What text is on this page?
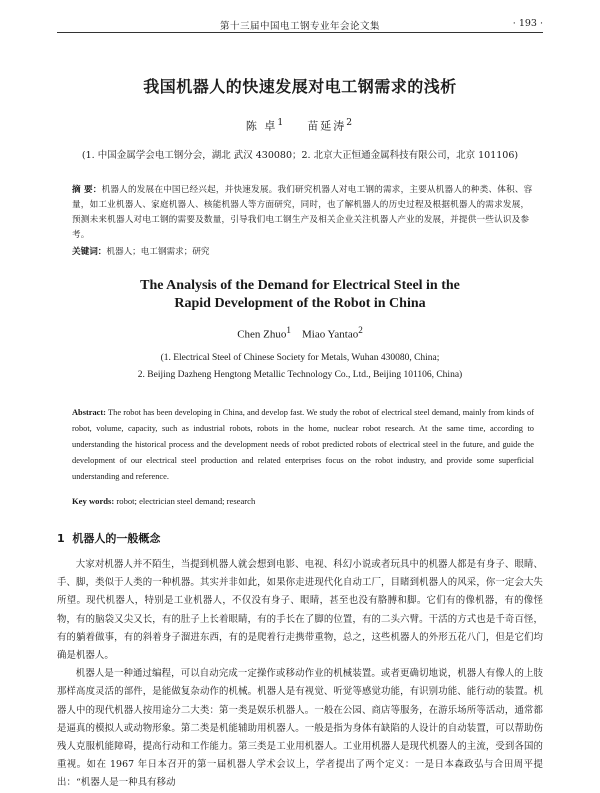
第十三届中国电工钢专业年会论文集	· 193 ·
我国机器人的快速发展对电工钢需求的浅析
陈 卓$^1$ 苗延涛$^2$
(1. 中国金属学会电工钢分会，湖北 武汉 430080；2. 北京大正恒通金属科技有限公司，北京 101106)
摘 要：机器人的发展在中国已经兴起，并快速发展。我们研究机器人对电工钢的需求，主要从机器人的种类、体积、容量，如工业机器人、家庭机器人、核能机器人等方面研究，同时，也了解机器人的历史过程及根据机器人的需求发展，预测未来机器人对电工钢的需要及数量，引导我们电工钢生产及相关企业关注机器人产业的发展，并提供一些认识及参考。
关键词：机器人；电工钢需求；研究
The Analysis of the Demand for Electrical Steel in the
Rapid Development of the Robot in China
Chen Zhuo$^1$ Miao Yantao$^2$
(1. Electrical Steel of Chinese Society for Metals, Wuhan 430080, China;
2. Beijing Dazheng Hengtong Metallic Technology Co., Ltd., Beijing 101106, China)
Abstract: The robot has been developing in China, and develop fast. We study the robot of electrical steel demand, mainly from kinds of robot, volume, capacity, such as industrial robots, robots in the home, nuclear robot research. At the same time, according to understanding the historical process and the development needs of robot predicted robots of electrical steel in the future, and guide the development of our electrical steel production and related enterprises focus on the robot industry, and provide some superficial understanding and reference.
Key words: robot; electrician steel demand; research
1 机器人的一般概念

大家对机器人并不陌生，当提到机器人就会想到电影、电视、科幻小说或者玩具中的机器人都是有身子、眼睛、手、脚，类似于人类的一种机器。其实并非如此，如果你走进现代化自动工厂，目睹到机器人的风采，你一定会大失所望。现代机器人，特别是工业机器人，不仅没有身子、眼睛，甚至也没有胳膊和脚。它们有的像机器，有的像怪物，有的脑袋又尖又长，有的肚子上长着眼睛，有的手长在了脚的位置，有的二头六臂。干活的方式也是千奇百怪，有的躺着做事，有的斜着身子溜进东西，有的是爬着行走携带重物，总之，这些机器人的外形五花八门，但是它们均确是机器人。

机器人是一种通过编程，可以自动完成一定操作或移动作业的机械装置。或者更确切地说，机器人有像人的上肢那样高度灵活的部件，是能做复杂动作的机械。机器人是有视觉、听觉等感觉功能，有识别功能、能行动的装置。机器人中的现代机器人按用途分二大类：第一类是娱乐机器人。一般在公园、商店等服务，在游乐场所等活动，通常都是逼真的模拟人或动物形象。第二类是机能辅助用机器人。一般是指为身体有缺陷的人设计的自动装置，可以帮助伤残人克服机能障碍，提高行动和工作能力。第三类是工业用机器人。工业用机器人是现代机器人的主流，受到各国的重视。如在 1967 年日本召开的第一届机器人学术会议上，学者提出了两个定义：一是日本森政弘与合田周平提出：“机器人是一种具有移动
